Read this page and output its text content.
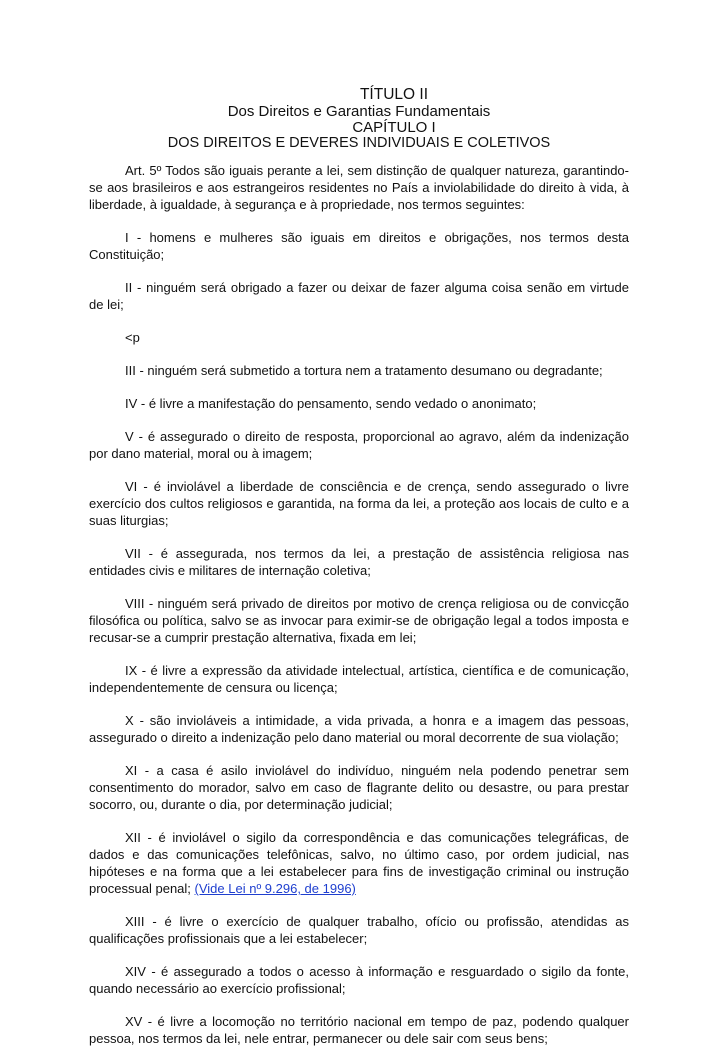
TÍTULO II

Dos Direitos e Garantias Fundamentais

CAPÍTULO I

DOS DIREITOS E DEVERES INDIVIDUAIS E COLETIVOS

Art. 5º Todos são iguais perante a lei, sem distinção de qualquer natureza, garantindo-se aos brasileiros e aos estrangeiros residentes no País a inviolabilidade do direito à vida, à liberdade, à igualdade, à segurança e à propriedade, nos termos seguintes:

I - homens e mulheres são iguais em direitos e obrigações, nos termos desta Constituição;

II - ninguém será obrigado a fazer ou deixar de fazer alguma coisa senão em virtude de lei;

<p

III - ninguém será submetido a tortura nem a tratamento desumano ou degradante;

IV - é livre a manifestação do pensamento, sendo vedado o anonimato;

V - é assegurado o direito de resposta, proporcional ao agravo, além da indenização por dano material, moral ou à imagem;

VI - é inviolável a liberdade de consciência e de crença, sendo assegurado o livre exercício dos cultos religiosos e garantida, na forma da lei, a proteção aos locais de culto e a suas liturgias;

VII - é assegurada, nos termos da lei, a prestação de assistência religiosa nas entidades civis e militares de internação coletiva;

VIII - ninguém será privado de direitos por motivo de crença religiosa ou de convicção filosófica ou política, salvo se as invocar para eximir-se de obrigação legal a todos imposta e recusar-se a cumprir prestação alternativa, fixada em lei;

IX - é livre a expressão da atividade intelectual, artística, científica e de comunicação, independentemente de censura ou licença;

X - são invioláveis a intimidade, a vida privada, a honra e a imagem das pessoas, assegurado o direito a indenização pelo dano material ou moral decorrente de sua violação;

XI - a casa é asilo inviolável do indivíduo, ninguém nela podendo penetrar sem consentimento do morador, salvo em caso de flagrante delito ou desastre, ou para prestar socorro, ou, durante o dia, por determinação judicial;

XII - é inviolável o sigilo da correspondência e das comunicações telegráficas, de dados e das comunicações telefônicas, salvo, no último caso, por ordem judicial, nas hipóteses e na forma que a lei estabelecer para fins de investigação criminal ou instrução processual penal; (Vide Lei nº 9.296, de 1996)

XIII - é livre o exercício de qualquer trabalho, ofício ou profissão, atendidas as qualificações profissionais que a lei estabelecer;

XIV - é assegurado a todos o acesso à informação e resguardado o sigilo da fonte, quando necessário ao exercício profissional;

XV - é livre a locomoção no território nacional em tempo de paz, podendo qualquer pessoa, nos termos da lei, nele entrar, permanecer ou dele sair com seus bens;
